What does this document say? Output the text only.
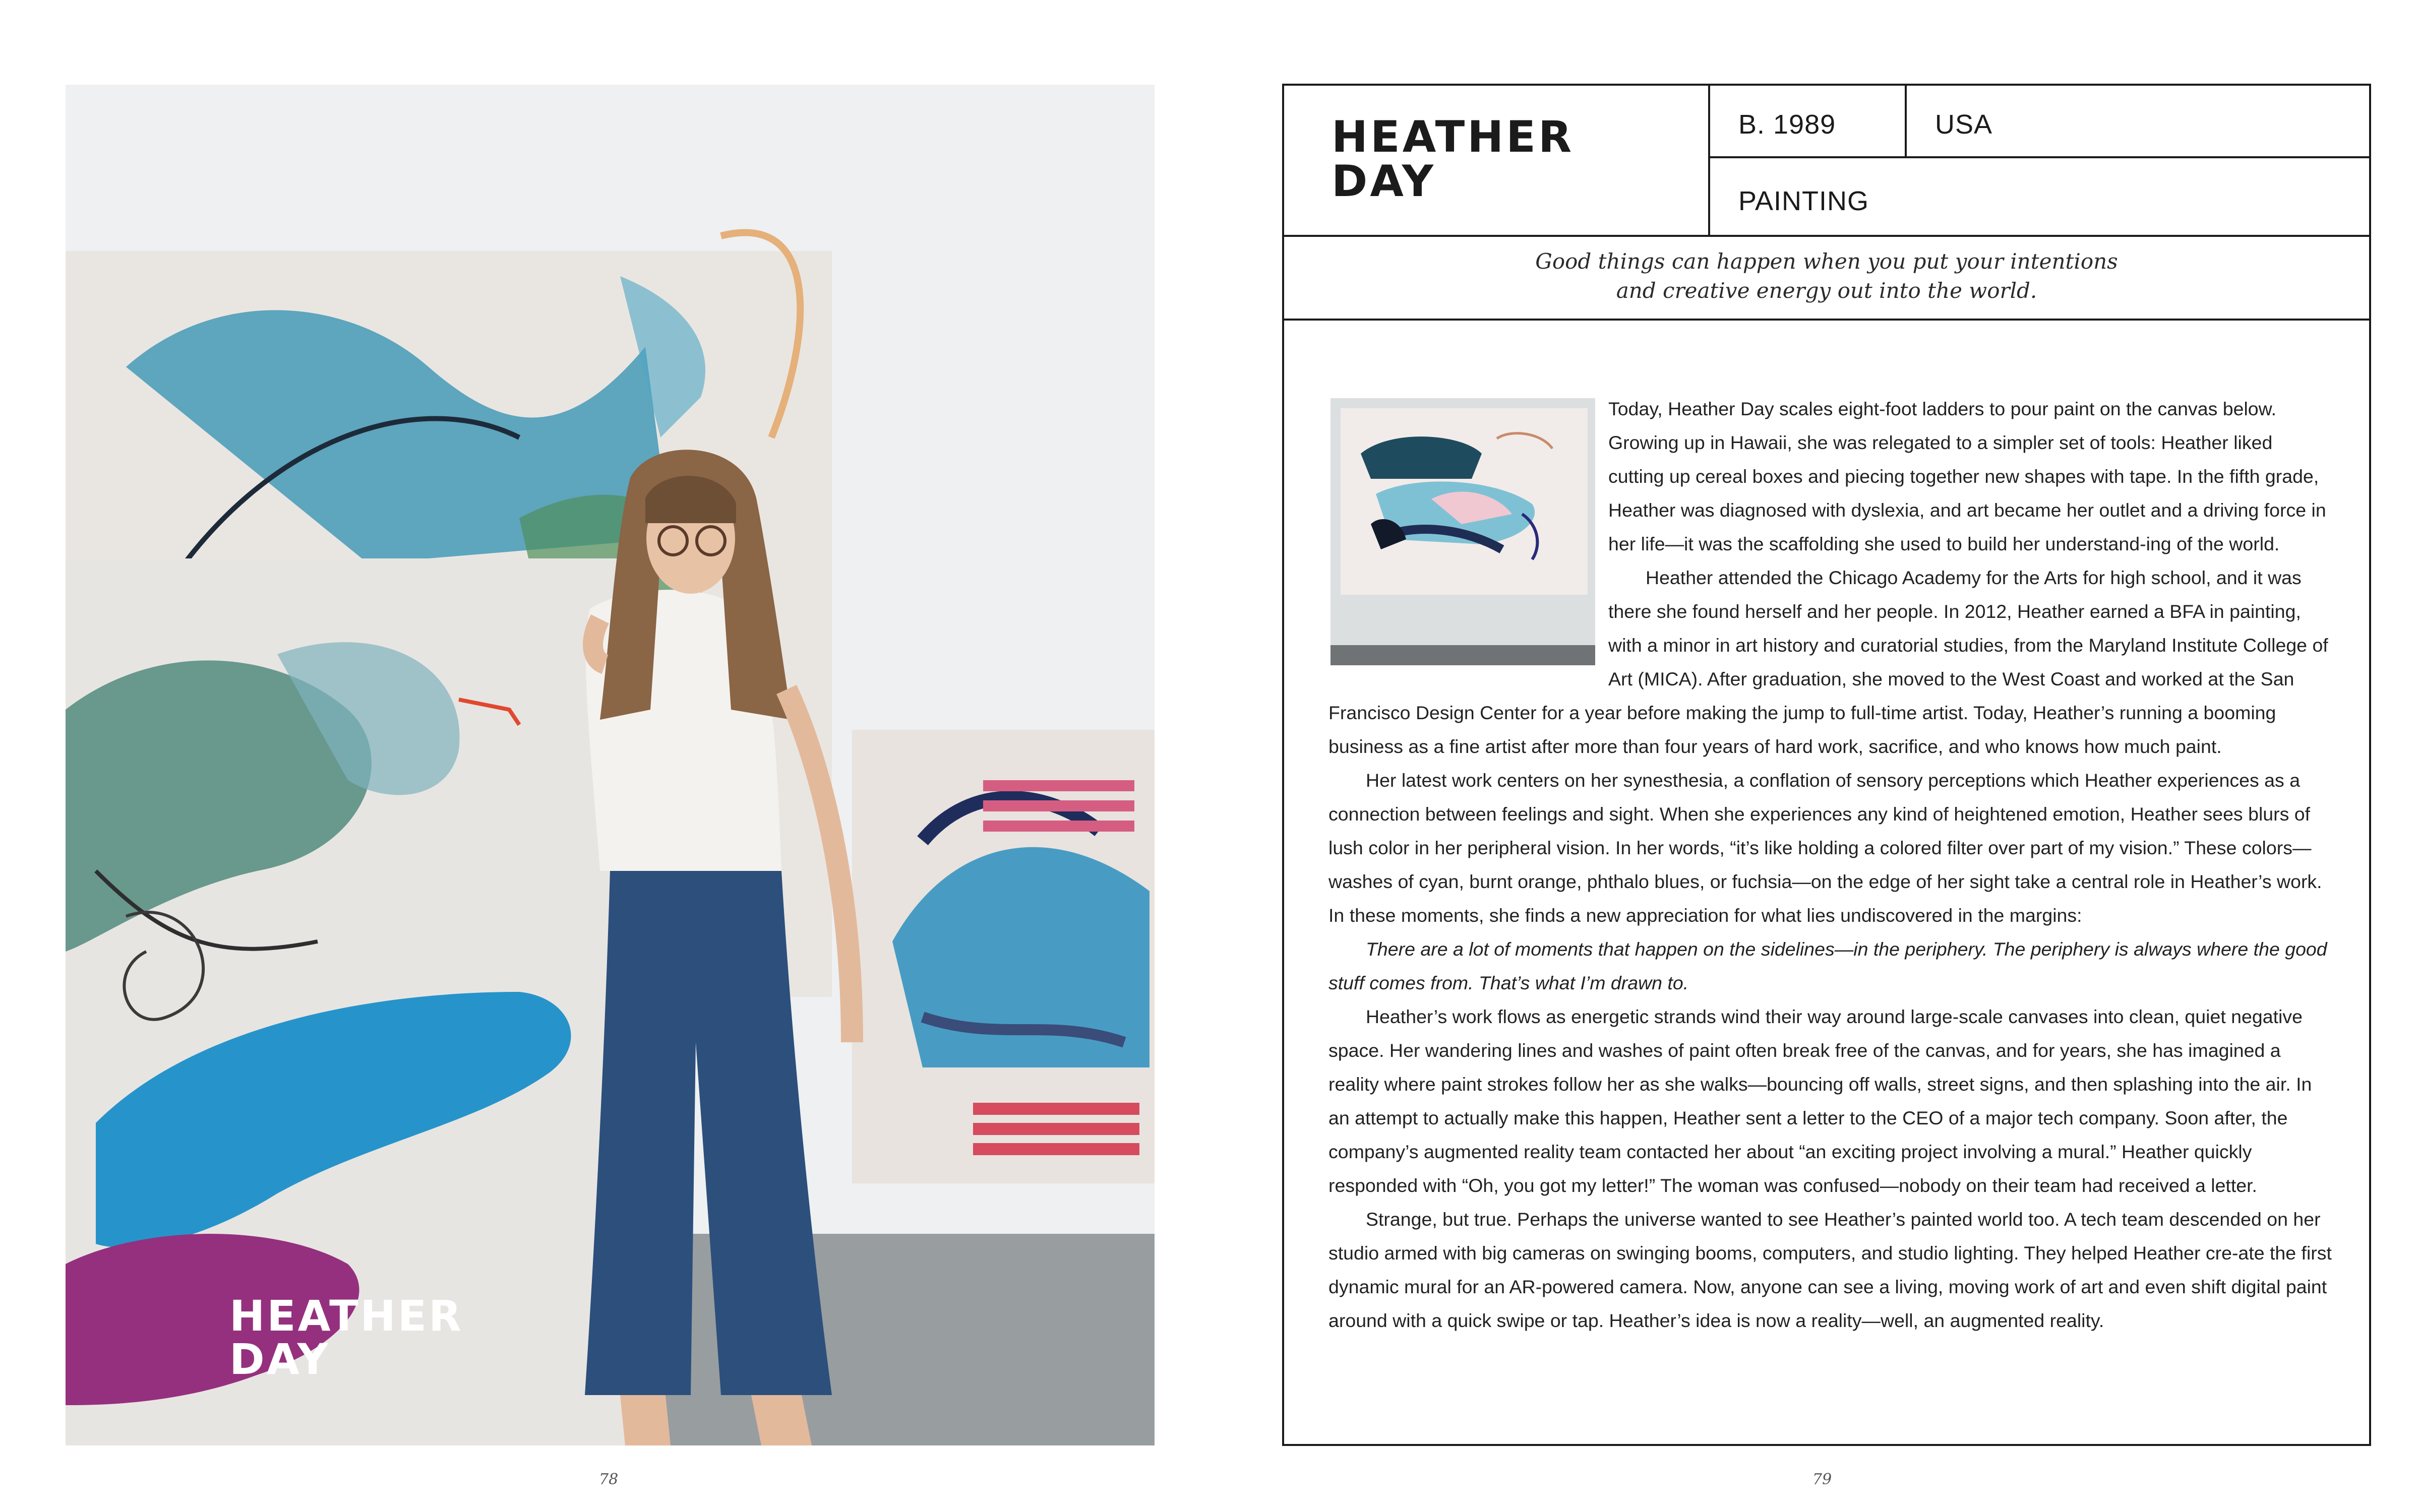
HEATHER
DAY
78
HEATHER
DAY
B. 1989	USA
PAINTING
Good things can happen when you put your intentions
and creative energy out into the world.

Today, Heather Day scales eight-foot ladders to pour paint on the canvas below. Growing up in Hawaii, she was relegated to a simpler set of tools: Heather liked cutting up cereal boxes and piecing together new shapes with tape. In the fifth grade, Heather was diagnosed with dyslexia, and art became her outlet and a driving force in her life—it was the scaffolding she used to build her understand-ing of the world.

Heather attended the Chicago Academy for the Arts for high school, and it was there she found herself and her people. In 2012, Heather earned a BFA in painting, with a minor in art history and curatorial studies, from the Maryland Institute College of Art (MICA). After graduation, she moved to the West Coast and worked at the San Francisco Design Center for a year before making the jump to full-time artist. Today, Heather’s running a booming business as a fine artist after more than four years of hard work, sacrifice, and who knows how much paint.

Her latest work centers on her synesthesia, a conflation of sensory perceptions which Heather experiences as a connection between feelings and sight. When she experiences any kind of heightened emotion, Heather sees blurs of lush color in her peripheral vision. In her words, “it’s like holding a colored filter over part of my vision.” These colors—washes of cyan, burnt orange, phthalo blues, or fuchsia—on the edge of her sight take a central role in Heather’s work. In these moments, she finds a new appreciation for what lies undiscovered in the margins:

There are a lot of moments that happen on the sidelines—in the periphery. The periphery is always where the good stuff comes from. That’s what I’m drawn to.

Heather’s work flows as energetic strands wind their way around large-scale canvases into clean, quiet negative space. Her wandering lines and washes of paint often break free of the canvas, and for years, she has imagined a reality where paint strokes follow her as she walks—bouncing off walls, street signs, and then splashing into the air. In an attempt to actually make this happen, Heather sent a letter to the CEO of a major tech company. Soon after, the company’s augmented reality team contacted her about “an exciting project involving a mural.” Heather quickly responded with “Oh, you got my letter!” The woman was confused—nobody on their team had received a letter.

Strange, but true. Perhaps the universe wanted to see Heather’s painted world too. A tech team descended on her studio armed with big cameras on swinging booms, computers, and studio lighting. They helped Heather cre-ate the first dynamic mural for an AR-powered camera. Now, anyone can see a living, moving work of art and even shift digital paint around with a quick swipe or tap. Heather’s idea is now a reality—well, an augmented reality.

79
